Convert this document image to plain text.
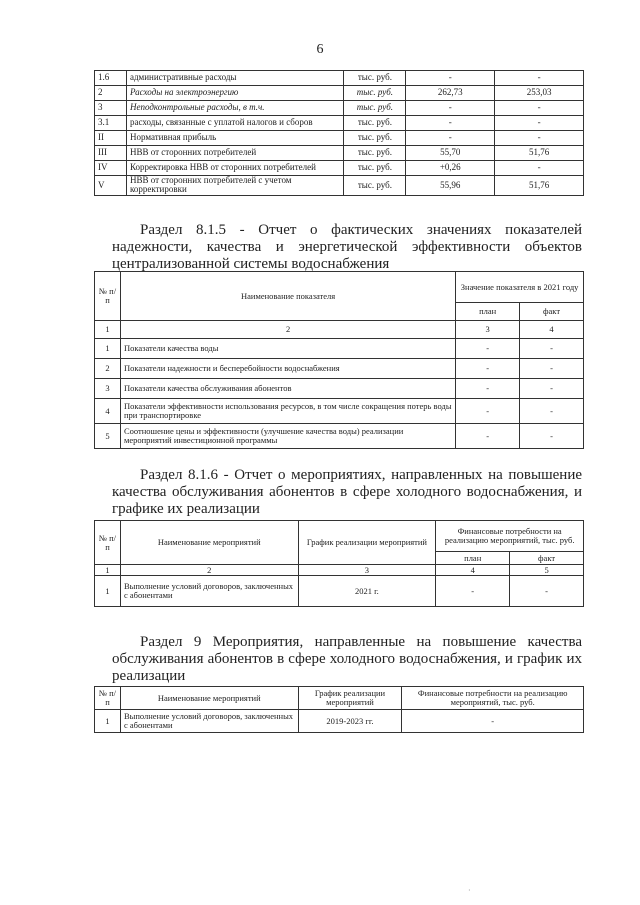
6
1.6	административные расходы	тыс. руб.	-	-
2	Расходы на электроэнергию	тыс. руб.	262,73	253,03
3	Неподконтрольные расходы, в т.ч.	тыс. руб.	-	-
3.1	расходы, связанные с уплатой налогов и сборов	тыс. руб.	-	-
II	Нормативная прибыль	тыс. руб.	-	-
III	НВВ от сторонних потребителей	тыс. руб.	55,70	51,76
IV	Корректировка НВВ от сторонних потребителей	тыс. руб.	+0,26	-
V	НВВ от сторонних потребителей с учетом корректировки	тыс. руб.	55,96	51,76
Раздел 8.1.5 - Отчет о фактических значениях показателей надежности, качества и энергетической эффективности объектов централизованной системы водоснабжения
№ п/п	Наименование показателя	Значение показателя в 2021 году	
		план	факт
1	2	3	4
1	Показатели качества воды	-	-
2	Показатели надежности и бесперебойности водоснабжения	-	-
3	Показатели качества обслуживания абонентов	-	-
4	Показатели эффективности использования ресурсов, в том числе сокращения потерь воды при транспортировке	-	-
5	Соотношение цены и эффективности (улучшение качества воды) реализации мероприятий инвестиционной программы	-	-
Раздел 8.1.6 - Отчет о мероприятиях, направленных на повышение качества обслуживания абонентов в сфере холодного водоснабжения, и графике их реализации
№ п/п	Наименование мероприятий	График реализации мероприятий	Финансовые потребности на реализацию мероприятий, тыс. руб.	
			план	факт
1	2	3	4	5
1	Выполнение условий договоров, заключенных с абонентами	2021 г.	-	-
Раздел 9 Мероприятия, направленные на повышение качества обслуживания абонентов в сфере холодного водоснабжения, и график их реализации
№ п/п	Наименование мероприятий	График реализации мероприятий	Финансовые потребности на реализацию мероприятий, тыс. руб.
1	Выполнение условий договоров, заключенных с абонентами	2019-2023 гг.	-
·
